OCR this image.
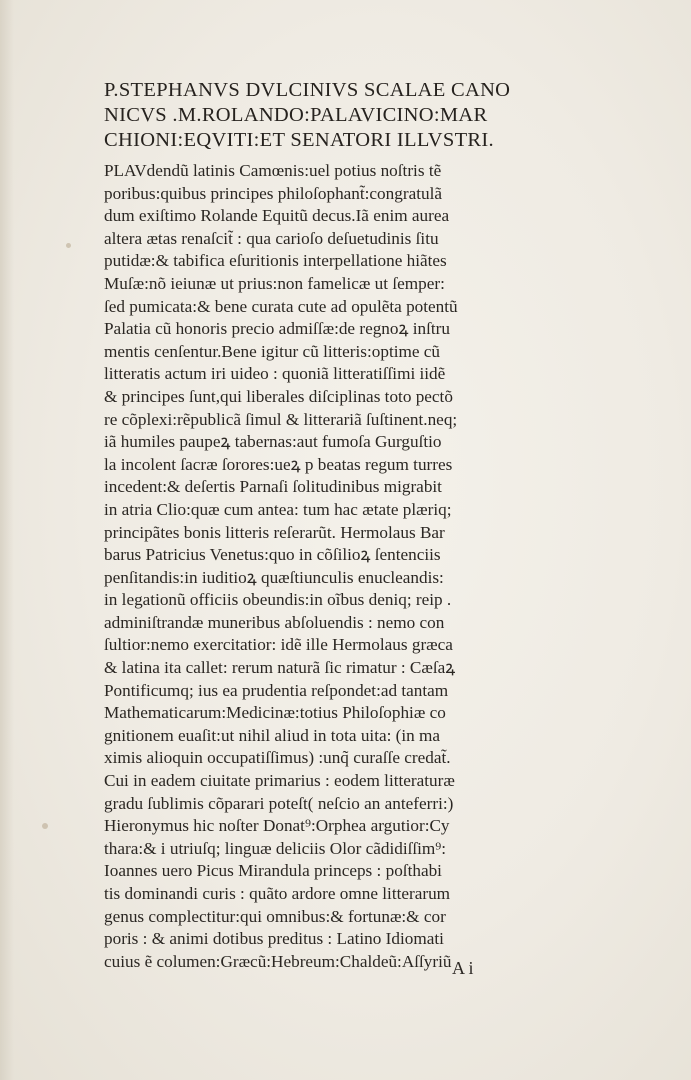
P.STEPHANVS DVLCINIVS SCALAE CANO
NICVS .M.ROLANDO:PALAVICINO:MAR
CHIONI:EQVITI:ET SENATORI ILLVSTRI.
PLAVdendũ latinis Camœnis:uel potius noſtris tẽ
poribus:quibus principes philoſophant̃:congratulã
dum exiſtimo Rolande Equitũ decus.Iã enim aurea
altera ætas renaſcit̃ : qua carioſo deſuetudinis ſitu
putidæ:& tabifica eſuritionis interpellatione hiãtes
Muſæ:nõ ieiunæ ut prius:non famelicæ ut ſemper:
ſed pumicata:& bene curata cute ad opulẽta potentũ
Palatia cũ honoris precio admiſſæ:de regnoꝝ inſtru
mentis cenſentur.Bene igitur cũ litteris:optime cũ
litteratis actum iri uideo : quoniã litteratiſſimi iidẽ
& principes ſunt,qui liberales diſciplinas toto pectõ
re cõplexi:rẽpublicã ſimul & litterariã ſuſtinent.neq;
iã humiles paupeꝝ tabernas:aut fumoſa Gurguſtio
la incolent ſacræ ſorores:ueꝝ p beatas regum turres
incedent:& deſertis Parnaſi ſolitudinibus migrabit
in atria Clio:quæ cum antea: tum hac ætate plæriq;
principãtes bonis litteris reſerarũt. Hermolaus Bar
barus Patricius Venetus:quo in cõſilioꝝ ſentenciis
penſitandis:in iuditioꝝ quæſtiunculis enucleandis:
in legationũ officiis obeundis:in oĩbus deniq; reip .
adminiſtrandæ muneribus abſoluendis : nemo con
ſultior:nemo exercitatior: idẽ ille Hermolaus græca
& latina ita callet: rerum naturã ſic rimatur : Cæſaꝝ
Pontificumq; ius ea prudentia reſpondet:ad tantam
Mathematicarum:Medicinæ:totius Philoſophiæ co
gnitionem euaſit:ut nihil aliud in tota uita: (in ma
ximis alioquin occupatiſſimus) :unq̃ curaſſe credat̃.
Cui in eadem ciuitate primarius : eodem litteraturæ
gradu ſublimis cõparari poteſt( neſcio an anteferri:)
Hieronymus hic noſter Donat⁹:Orphea argutior:Cy
thara:& i utriuſq; linguæ deliciis Olor cãdidiſſim⁹:
Ioannes uero Picus Mirandula princeps : poſthabi
tis dominandi curis : quãto ardore omne litterarum
genus complectitur:qui omnibus:& fortunæ:& cor
poris : & animi dotibus preditus : Latino Idiomati
cuius ẽ columen:Græcũ:Hebreum:Chaldeũ:Aſſyriũ A i
